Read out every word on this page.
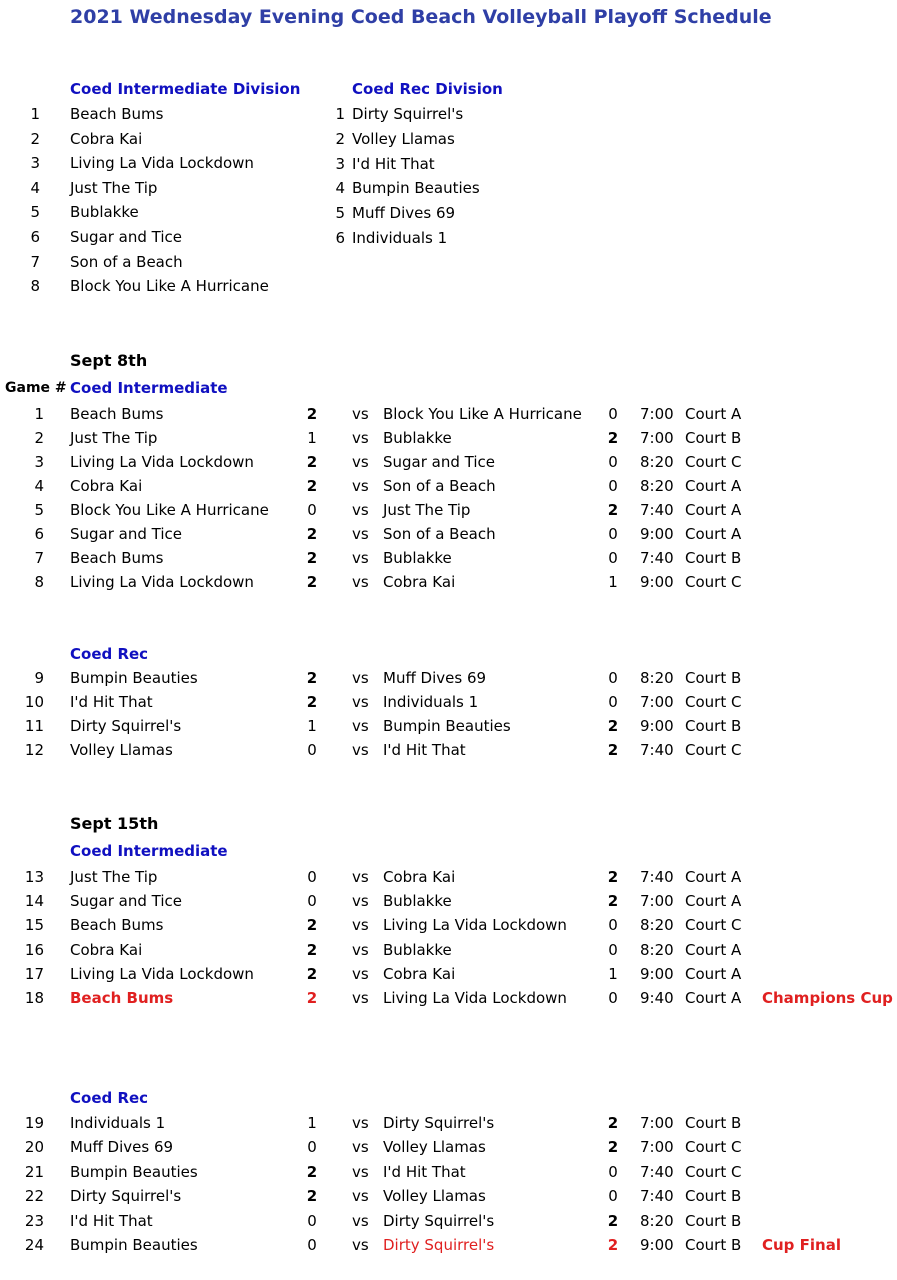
2021 Wednesday Evening Coed Beach Volleyball Playoff Schedule
Coed Intermediate Division	Coed Rec Division
1 Beach Bums
2 Cobra Kai
3 Living La Vida Lockdown
4 Just The Tip
5 Bublakke
6 Sugar and Tice
7 Son of a Beach
8 Block You Like A Hurricane
1 Dirty Squirrel's
2 Volley Llamas
3 I'd Hit That
4 Bumpin Beauties
5 Muff Dives 69
6 Individuals 1
Sept 8th
Game # Coed Intermediate
1 Beach Bums	2	vs Block You Like A Hurricane	0	7:00 Court A
2 Just The Tip	1	vs Bublakke	2	7:00 Court B
3 Living La Vida Lockdown	2	vs Sugar and Tice	0	8:20 Court C
4 Cobra Kai	2	vs Son of a Beach	0	8:20 Court A
5 Block You Like A Hurricane	0	vs Just The Tip	2	7:40 Court A
6 Sugar and Tice	2	vs Son of a Beach	0	9:00 Court A
7 Beach Bums	2	vs Bublakke	0	7:40 Court B
8 Living La Vida Lockdown	2	vs Cobra Kai	1	9:00 Court C
Coed Rec
9 Bumpin Beauties	2	vs Muff Dives 69	0	8:20 Court B
10 I'd Hit That	2	vs Individuals 1	0	7:00 Court C
11 Dirty Squirrel's	1	vs Bumpin Beauties	2	9:00 Court B
12 Volley Llamas	0	vs I'd Hit That	2	7:40 Court C
Sept 15th
Coed Intermediate
13 Just The Tip	0	vs Cobra Kai	2	7:40 Court A
14 Sugar and Tice	0	vs Bublakke	2	7:00 Court A
15 Beach Bums	2	vs Living La Vida Lockdown	0	8:20 Court C
16 Cobra Kai	2	vs Bublakke	0	8:20 Court A
17 Living La Vida Lockdown	2	vs Cobra Kai	1	9:00 Court A
18 Beach Bums	2	vs Living La Vida Lockdown	0	9:40 Court A Champions Cup
Coed Rec
19 Individuals 1	1	vs Dirty Squirrel's	2	7:00 Court B
20 Muff Dives 69	0	vs Volley Llamas	2	7:00 Court C
21 Bumpin Beauties	2	vs I'd Hit That	0	7:40 Court C
22 Dirty Squirrel's	2	vs Volley Llamas	0	7:40 Court B
23 I'd Hit That	0	vs Dirty Squirrel's	2	8:20 Court B
24 Bumpin Beauties	0	vs Dirty Squirrel's	2	9:00 Court B Cup Final
